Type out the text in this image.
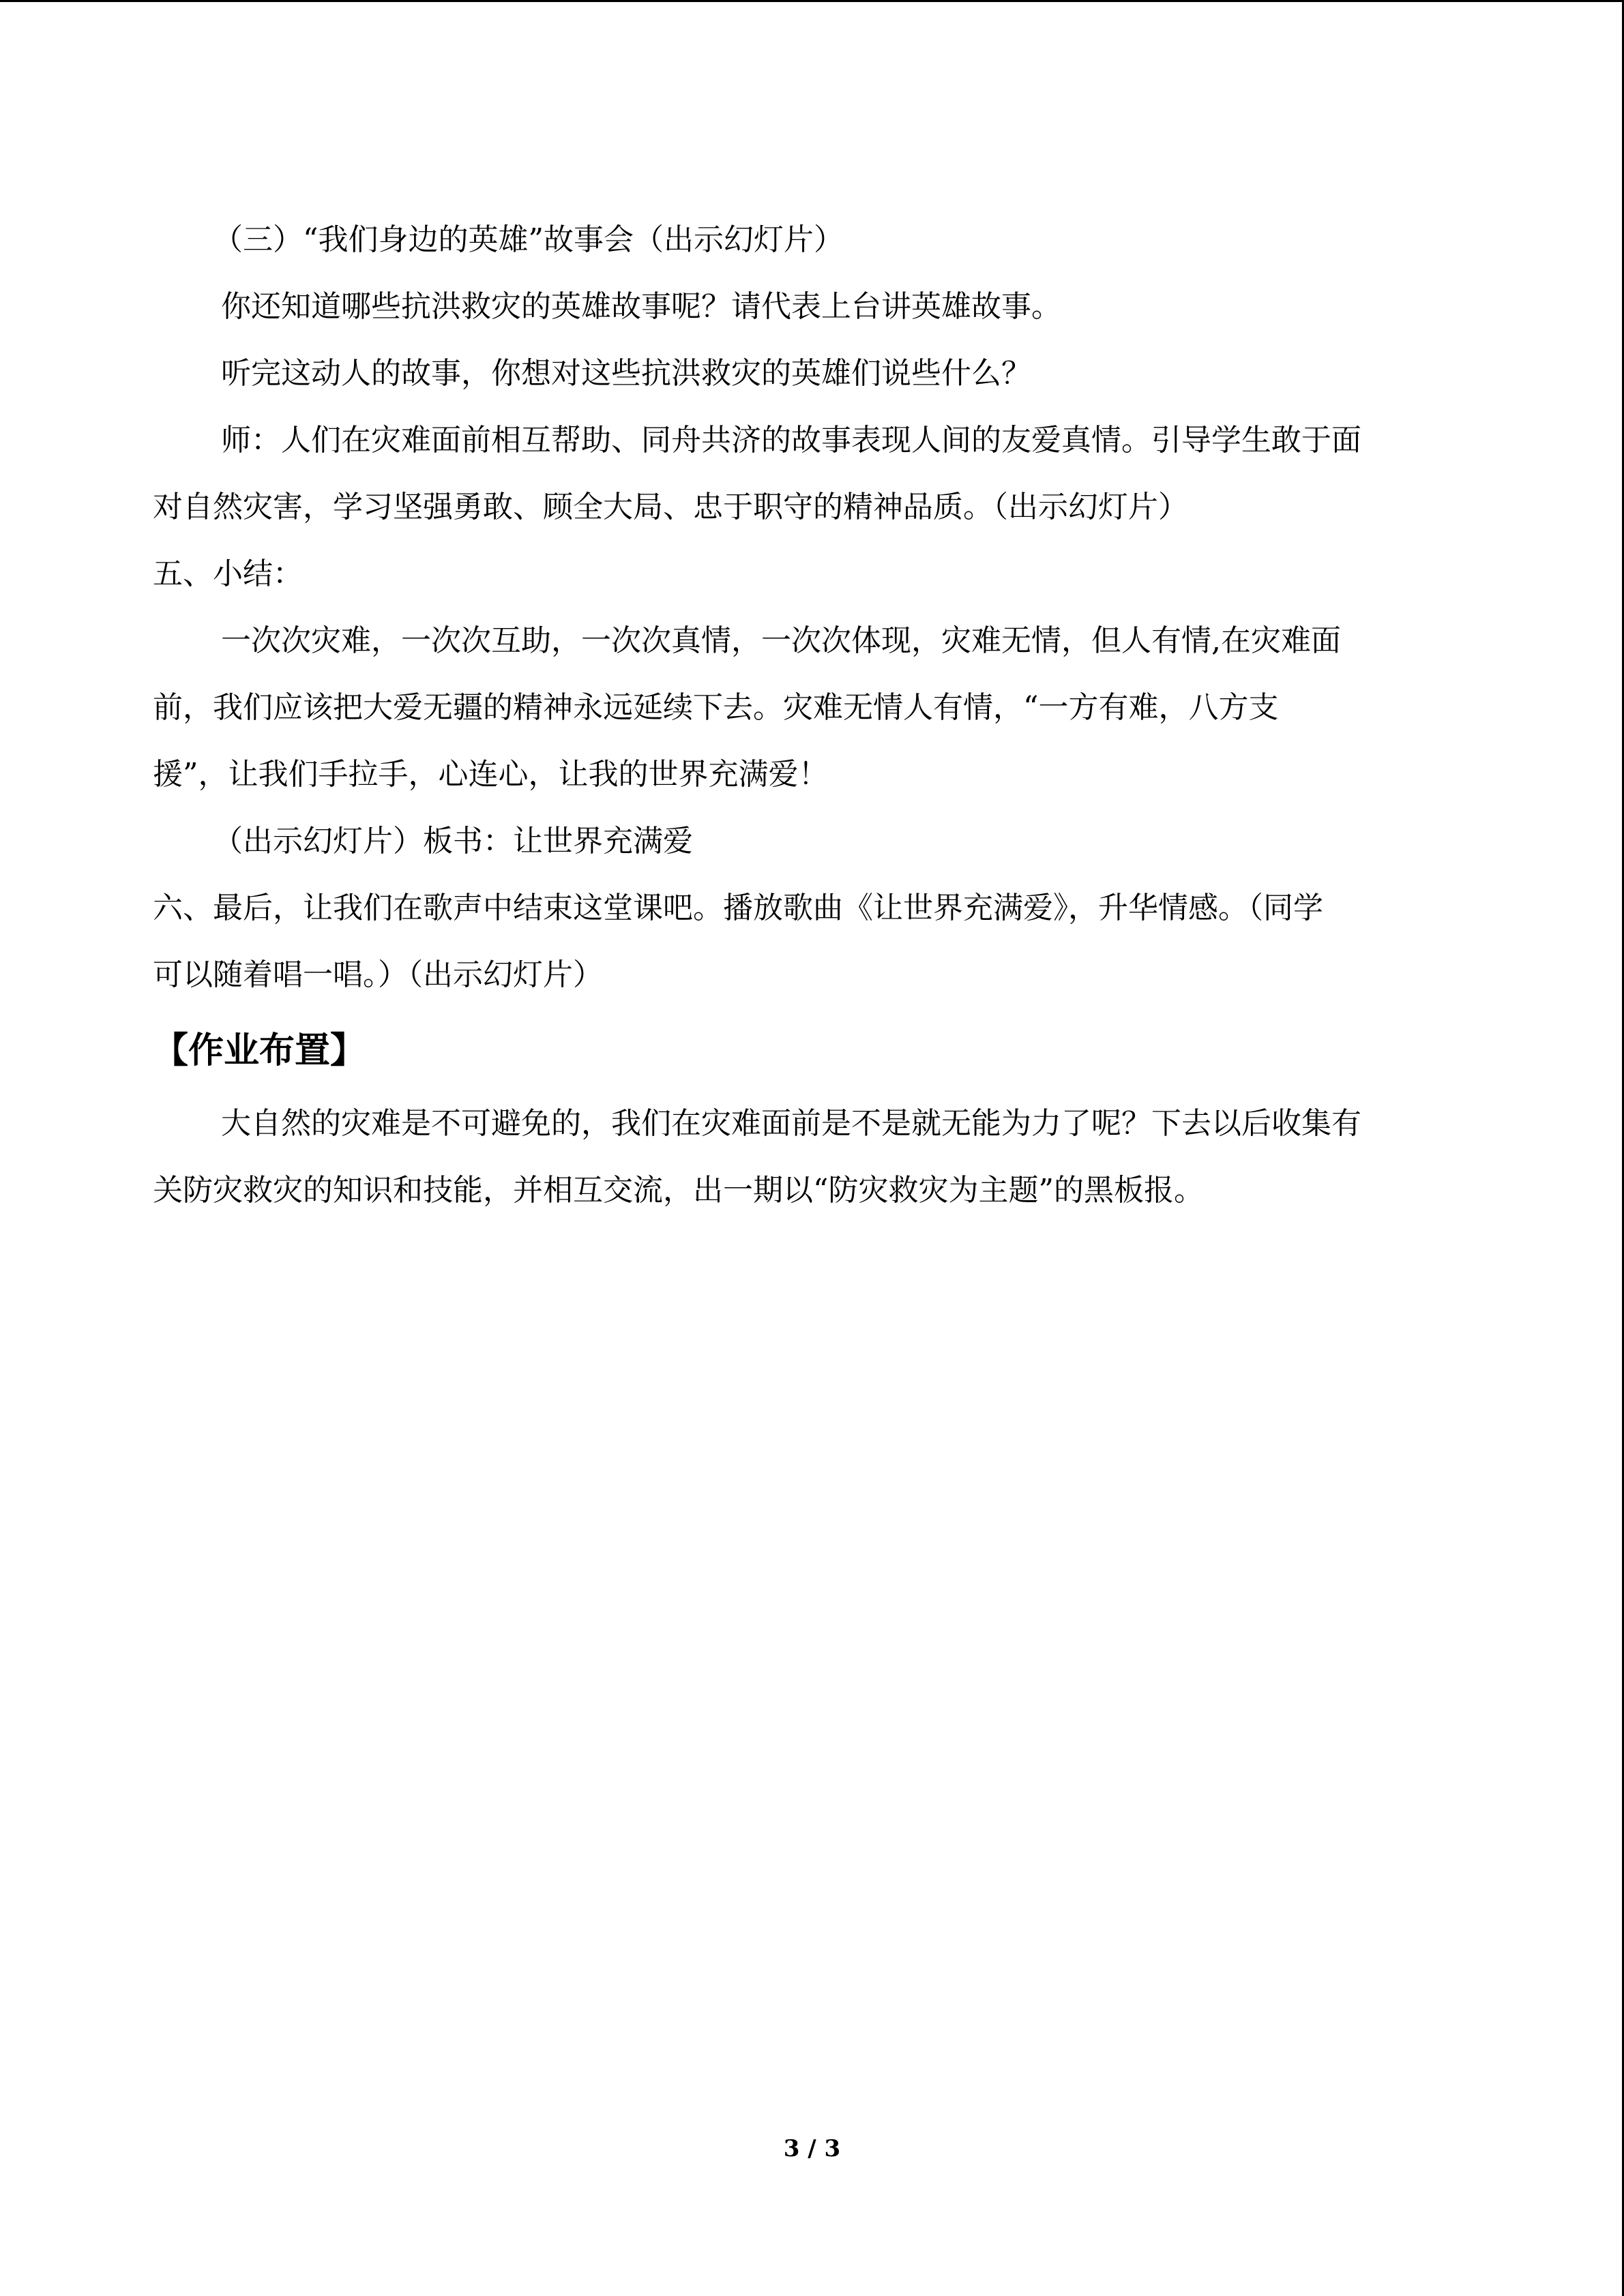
（三）“我们身边的英雄”故事会（出示幻灯片）

你还知道哪些抗洪救灾的英雄故事呢？请代表上台讲英雄故事。

听完这动人的故事，你想对这些抗洪救灾的英雄们说些什么？

师：人们在灾难面前相互帮助、同舟共济的故事表现人间的友爱真情。引导学生敢于面

对自然灾害，学习坚强勇敢、顾全大局、忠于职守的精神品质。（出示幻灯片）

五、小结：

一次次灾难，一次次互助，一次次真情，一次次体现，灾难无情，但人有情,在灾难面

前，我们应该把大爱无疆的精神永远延续下去。灾难无情人有情，“一方有难，八方支

援”，让我们手拉手，心连心，让我的世界充满爱！

（出示幻灯片）板书：让世界充满爱

六、最后，让我们在歌声中结束这堂课吧。播放歌曲《让世界充满爱》，升华情感。（同学

可以随着唱一唱。）（出示幻灯片）

【作业布置】

大自然的灾难是不可避免的，我们在灾难面前是不是就无能为力了呢？下去以后收集有

关防灾救灾的知识和技能，并相互交流，出一期以“防灾救灾为主题”的黑板报。

3 / 3
